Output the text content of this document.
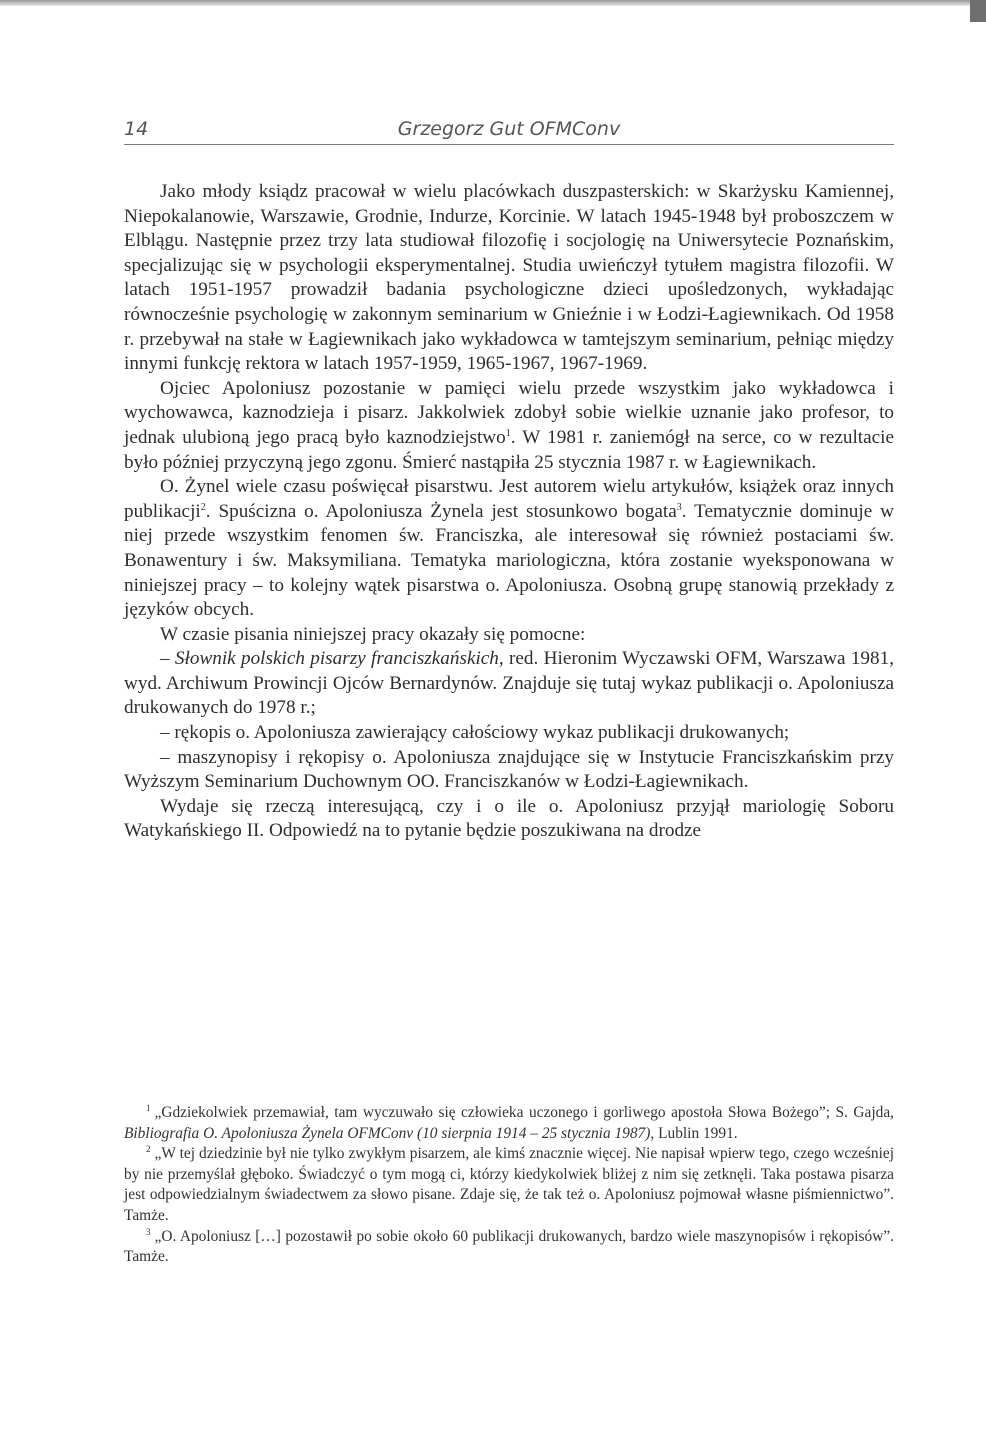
14	Grzegorz Gut OFMConv

Jako młody ksiądz pracował w wielu placówkach duszpasterskich: w Skarżysku Kamiennej, Niepokalanowie, Warszawie, Grodnie, Indurze, Korcinie. W latach 1945-1948 był proboszczem w Elblągu. Następnie przez trzy lata studiował filozofię i socjologię na Uniwersytecie Poznańskim, specjalizując się w psychologii eksperymentalnej. Studia uwieńczył tytułem magistra filozofii. W latach 1951-1957 prowadził badania psychologiczne dzieci upośledzonych, wykładając równocześnie psychologię w zakonnym seminarium w Gnieźnie i w Łodzi-Łagiewnikach. Od 1958 r. przebywał na stałe w Łagiewnikach jako wykładowca w tamtejszym seminarium, pełniąc między innymi funkcję rektora w latach 1957-1959, 1965-1967, 1967-1969.

Ojciec Apoloniusz pozostanie w pamięci wielu przede wszystkim jako wykładowca i wychowawca, kaznodzieja i pisarz. Jakkolwiek zdobył sobie wielkie uznanie jako profesor, to jednak ulubioną jego pracą było kaznodziejstwo$^1$. W 1981 r. zaniemógł na serce, co w rezultacie było później przyczyną jego zgonu. Śmierć nastąpiła 25 stycznia 1987 r. w Łagiewnikach.

O. Żynel wiele czasu poświęcał pisarstwu. Jest autorem wielu artykułów, książek oraz innych publikacji$^2$. Spuścizna o. Apoloniusza Żynela jest stosunkowo bogata$^3$. Tematycznie dominuje w niej przede wszystkim fenomen św. Franciszka, ale interesował się również postaciami św. Bonawentury i św. Maksymiliana. Tematyka mariologiczna, która zostanie wyeksponowana w niniejszej pracy – to kolejny wątek pisarstwa o. Apoloniusza. Osobną grupę stanowią przekłady z języków obcych.

W czasie pisania niniejszej pracy okazały się pomocne:

– Słownik polskich pisarzy franciszkańskich, red. Hieronim Wyczawski OFM, Warszawa 1981, wyd. Archiwum Prowincji Ojców Bernardynów. Znajduje się tutaj wykaz publikacji o. Apoloniusza drukowanych do 1978 r.;

– rękopis o. Apoloniusza zawierający całościowy wykaz publikacji drukowanych;

– maszynopisy i rękopisy o. Apoloniusza znajdujące się w Instytucie Franciszkańskim przy Wyższym Seminarium Duchownym OO. Franciszkanów w Łodzi-Łagiewnikach.

Wydaje się rzeczą interesującą, czy i o ile o. Apoloniusz przyjął mariologię Soboru Watykańskiego II. Odpowiedź na to pytanie będzie poszukiwana na drodze

$^1$ „Gdziekolwiek przemawiał, tam wyczuwało się człowieka uczonego i gorliwego apostoła Słowa Bożego”; S. Gajda, Bibliografia O. Apoloniusza Żynela OFMConv (10 sierpnia 1914 – 25 stycznia 1987), Lublin 1991.

$^2$ „W tej dziedzinie był nie tylko zwykłym pisarzem, ale kimś znacznie więcej. Nie napisał wpierw tego, czego wcześniej by nie przemyślał głęboko. Świadczyć o tym mogą ci, którzy kiedykolwiek bliżej z nim się zetknęli. Taka postawa pisarza jest odpowiedzialnym świadectwem za słowo pisane. Zdaje się, że tak też o. Apoloniusz pojmował własne piśmiennictwo”. Tamże.

$^3$ „O. Apoloniusz […] pozostawił po sobie około 60 publikacji drukowanych, bardzo wiele maszynopisów i rękopisów”. Tamże.
